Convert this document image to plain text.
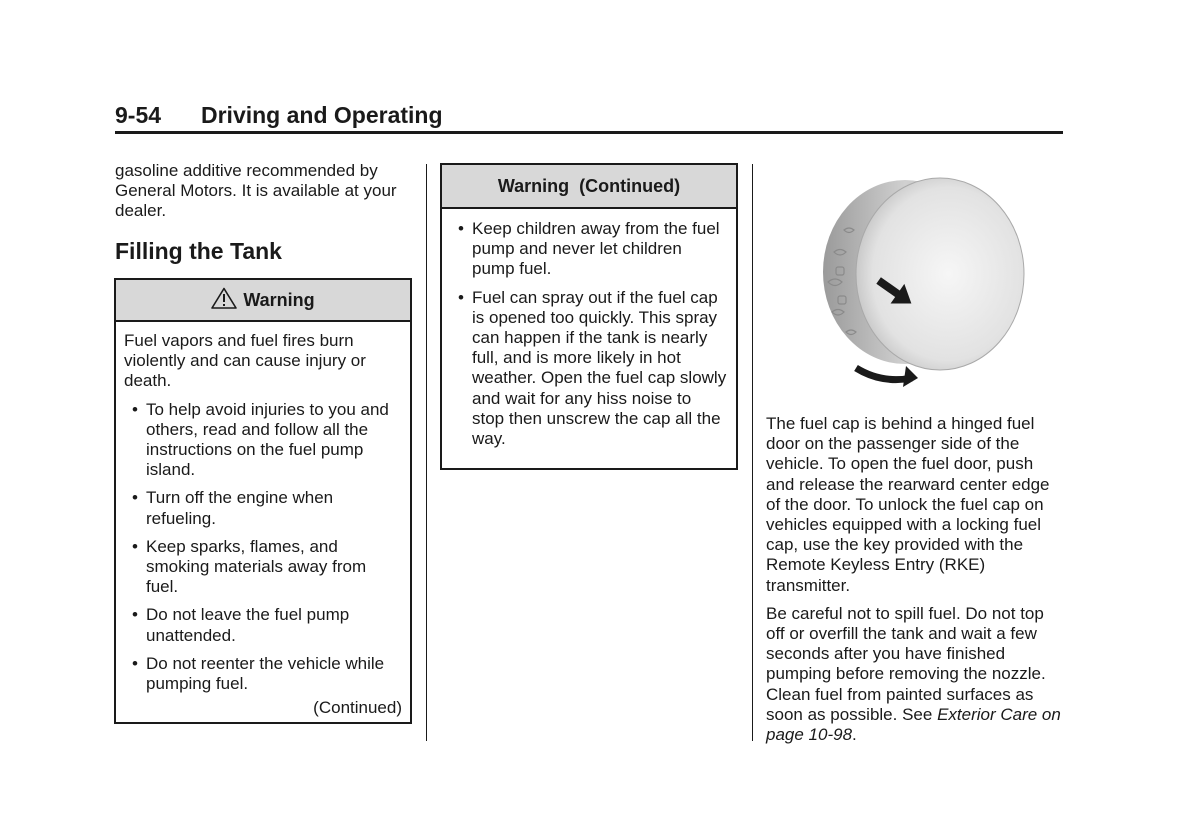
9-54 Driving and Operating

gasoline additive recommended by General Motors. It is available at your dealer.

Filling the Tank
Warning

Fuel vapors and fuel fires burn violently and can cause injury or death.

• To help avoid injuries to you and others, read and follow all the instructions on the fuel pump island.
• Turn off the engine when refueling.
• Keep sparks, flames, and smoking materials away from fuel.
• Do not leave the fuel pump unattended.
• Do not reenter the vehicle while pumping fuel.
(Continued)
Warning  (Continued)
• Keep children away from the fuel pump and never let children pump fuel.
• Fuel can spray out if the fuel cap is opened too quickly. This spray can happen if the tank is nearly full, and is more likely in hot weather. Open the fuel cap slowly and wait for any hiss noise to stop then unscrew the cap all the way.

The fuel cap is behind a hinged fuel door on the passenger side of the vehicle. To open the fuel door, push and release the rearward center edge of the door. To unlock the fuel cap on vehicles equipped with a locking fuel cap, use the key provided with the Remote Keyless Entry (RKE) transmitter.

Be careful not to spill fuel. Do not top off or overfill the tank and wait a few seconds after you have finished pumping before removing the nozzle. Clean fuel from painted surfaces as soon as possible. See Exterior Care on page 10-98.
